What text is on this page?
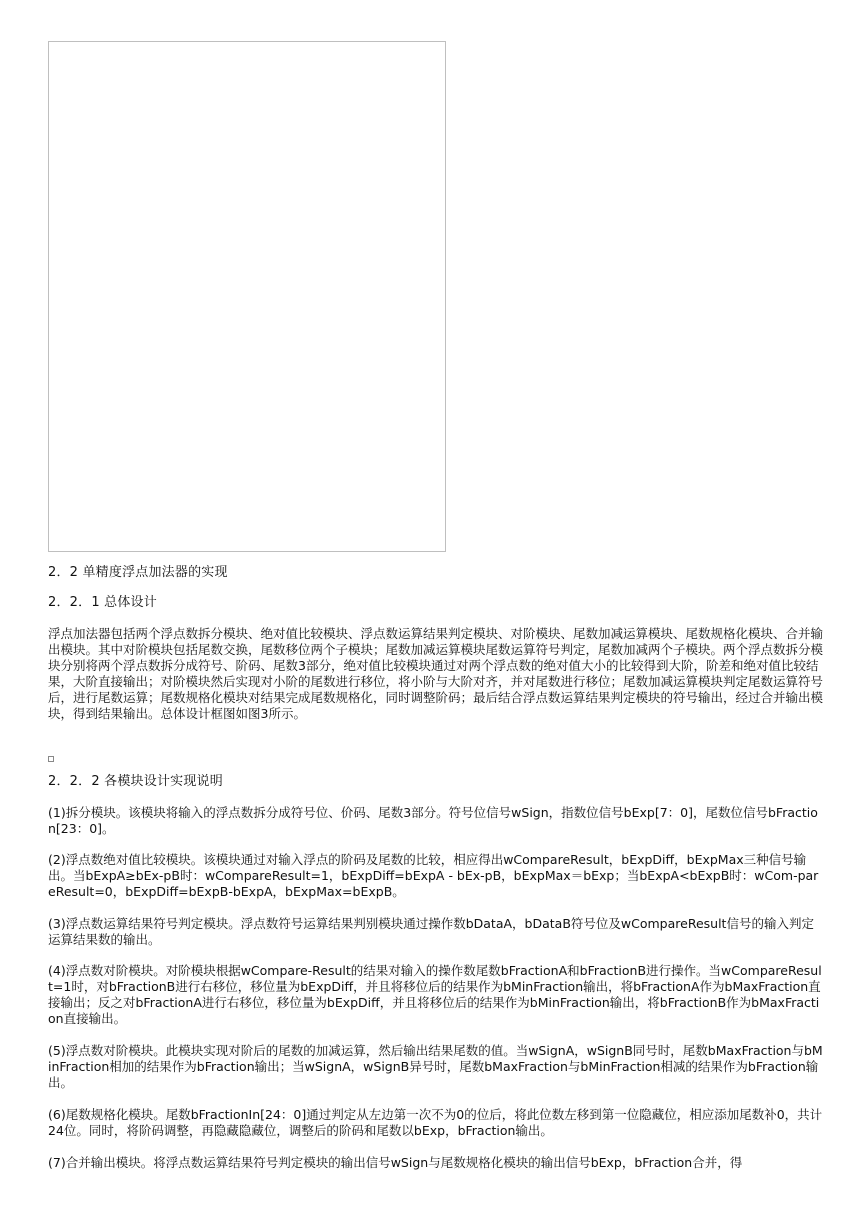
2．2 单精度浮点加法器的实现
2．2．1 总体设计
浮点加法器包括两个浮点数拆分模块、绝对值比较模块、浮点数运算结果判定模块、对阶模块、尾数加减运算模块、尾数规格化模块、合并输出模块。其中对阶模块包括尾数交换，尾数移位两个子模块；尾数加减运算模块尾数运算符号判定，尾数加减两个子模块。两个浮点数拆分模块分别将两个浮点数拆分成符号、阶码、尾数3部分，绝对值比较模块通过对两个浮点数的绝对值大小的比较得到大阶，阶差和绝对值比较结果，大阶直接输出；对阶模块然后实现对小阶的尾数进行移位，将小阶与大阶对齐，并对尾数进行移位；尾数加减运算模块判定尾数运算符号后，进行尾数运算；尾数规格化模块对结果完成尾数规格化，同时调整阶码；最后结合浮点数运算结果判定模块的符号输出，经过合并输出模块，得到结果输出。总体设计框图如图3所示。
2．2．2 各模块设计实现说明
(1)拆分模块。该模块将输入的浮点数拆分成符号位、价码、尾数3部分。符号位信号wSign，指数位信号bExp[7：0]，尾数位信号bFraction[23：0]。
(2)浮点数绝对值比较模块。该模块通过对输入浮点的阶码及尾数的比较，相应得出wCompareResult，bExpDiff，bExpMax三种信号输出。当bExpA≥bEx-pB时：wCompareResult=1，bExpDiff=bExpA - bEx-pB，bExpMax＝bExp；当bExpA<bExpB时：wCom-pareResult=0，bExpDiff=bExpB-bExpA，bExpMax=bExpB。
(3)浮点数运算结果符号判定模块。浮点数符号运算结果判别模块通过操作数bDataA，bDataB符号位及wCompareResult信号的输入判定运算结果数的输出。
(4)浮点数对阶模块。对阶模块根据wCompare-Result的结果对输入的操作数尾数bFractionA和bFractionB进行操作。当wCompareResult=1时，对bFractionB进行右移位，移位量为bExpDiff，并且将移位后的结果作为bMinFraction输出，将bFractionA作为bMaxFraction直接输出；反之对bFractionA进行右移位，移位量为bExpDiff，并且将移位后的结果作为bMinFraction输出，将bFractionB作为bMaxFraction直接输出。
(5)浮点数对阶模块。此模块实现对阶后的尾数的加减运算，然后输出结果尾数的值。当wSignA，wSignB同号时，尾数bMaxFraction与bMinFraction相加的结果作为bFraction输出；当wSignA，wSignB异号时，尾数bMaxFraction与bMinFraction相减的结果作为bFraction输出。
(6)尾数规格化模块。尾数bFractionIn[24：0]通过判定从左边第一次不为0的位后，将此位数左移到第一位隐藏位，相应添加尾数补0，共计24位。同时，将阶码调整，再隐藏隐藏位，调整后的阶码和尾数以bExp，bFraction输出。
(7)合并输出模块。将浮点数运算结果符号判定模块的输出信号wSign与尾数规格化模块的输出信号bExp，bFraction合并，得
